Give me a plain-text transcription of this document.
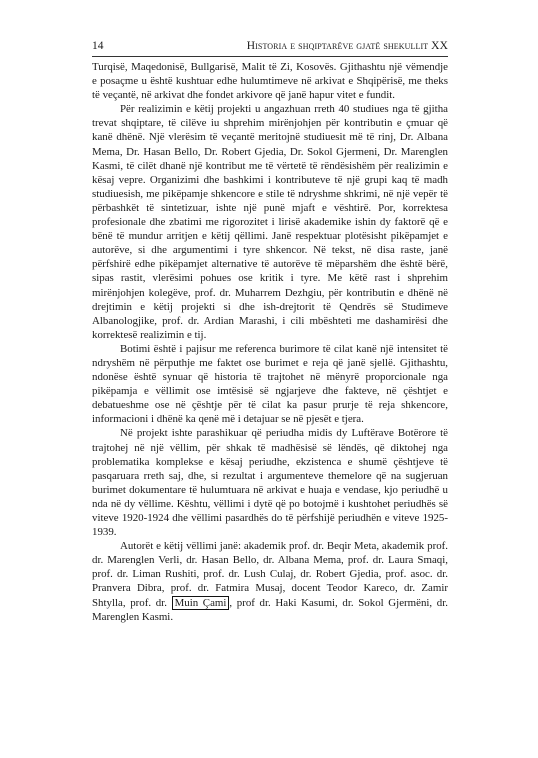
14	Historia e shqiptarëve gjatë shekullit XX

Turqisë, Maqedonisë, Bullgarisë, Malit të Zi, Kosovës. Gjithashtu një vëmendje e posaçme u është kushtuar edhe hulumtimeve në arkivat e Shqipërisë, me theks të veçantë, në arkivat dhe fondet arkivore që janë hapur vitet e fundit.

Për realizimin e këtij projekti u angazhuan rreth 40 studiues nga të gjitha trevat shqiptare, të cilëve iu shprehim mirënjohjen për kontributin e çmuar që kanë dhënë. Një vlerësim të veçantë meritojnë studiuesit më të rinj, Dr. Albana Mema, Dr. Hasan Bello, Dr. Robert Gjedia, Dr. Sokol Gjermeni, Dr. Marenglen Kasmi, të cilët dhanë një kontribut me të vërtetë të rëndësishëm për realizimin e kësaj vepre. Organizimi dhe bashkimi i kontributeve të një grupi kaq të madh studiuesish, me pikëpamje shkencore e stile të ndryshme shkrimi, në një vepër të përbashkët të sintetizuar, ishte një punë mjaft e vështirë. Por, korrektesa profesionale dhe zbatimi me rigorozitet i lirisë akademike ishin dy faktorë që e bënë të mundur arritjen e këtij qëllimi. Janë respektuar plotësisht pikëpamjet e autorëve, si dhe argumentimi i tyre shkencor. Në tekst, në disa raste, janë përfshirë edhe pikëpamjet alternative të autorëve të mëparshëm dhe është bërë, sipas rastit, vlerësimi pohues ose kritik i tyre. Me këtë rast i shprehim mirënjohjen kolegëve, prof. dr. Muharrem Dezhgiu, për kontributin e dhënë në drejtimin e këtij projekti si dhe ish-drejtorit të Qendrës së Studimeve Albanologjike, prof. dr. Ardian Marashi, i cili mbështeti me dashamirësi dhe korrektesë realizimin e tij.

Botimi është i pajisur me referenca burimore të cilat kanë një intensitet të ndryshëm në përputhje me faktet ose burimet e reja që janë sjellë. Gjithashtu, ndonëse është synuar që historia të trajtohet në mënyrë proporcionale nga pikëpamja e vëllimit ose imtësisë së ngjarjeve dhe fakteve, në çështjet e debatueshme ose në çështje për të cilat ka pasur prurje të reja shkencore, informacioni i dhënë ka qenë më i detajuar se në pjesët e tjera.

Në projekt ishte parashikuar që periudha midis dy Luftërave Botërore të trajtohej në një vëllim, për shkak të madhësisë së lëndës, që diktohej nga problematika komplekse e kësaj periudhe, ekzistenca e shumë çështjeve të pasqaruara rreth saj, dhe, si rezultat i argumenteve themelore që na sugjeruan burimet dokumentare të hulumtuara në arkivat e huaja e vendase, kjo periudhë u nda në dy vëllime. Kështu, vëllimi i dytë që po botojmë i kushtohet periudhës së viteve 1920-1924 dhe vëllimi pasardhës do të përfshijë periudhën e viteve 1925-1939.

Autorët e këtij vëllimi janë: akademik prof. dr. Beqir Meta, akademik prof. dr. Marenglen Verli, dr. Hasan Bello, dr. Albana Mema, prof. dr. Laura Smaqi, prof. dr. Liman Rushiti, prof. dr. Lush Culaj, dr. Robert Gjedia, prof. asoc. dr. Pranvera Dibra, prof. dr. Fatmira Musaj, docent Teodor Kareco, dr. Zamir Shtylla, prof. dr. Muin Çami , prof dr. Haki Kasumi, dr. Sokol Gjermëni, dr. Marenglen Kasmi.
